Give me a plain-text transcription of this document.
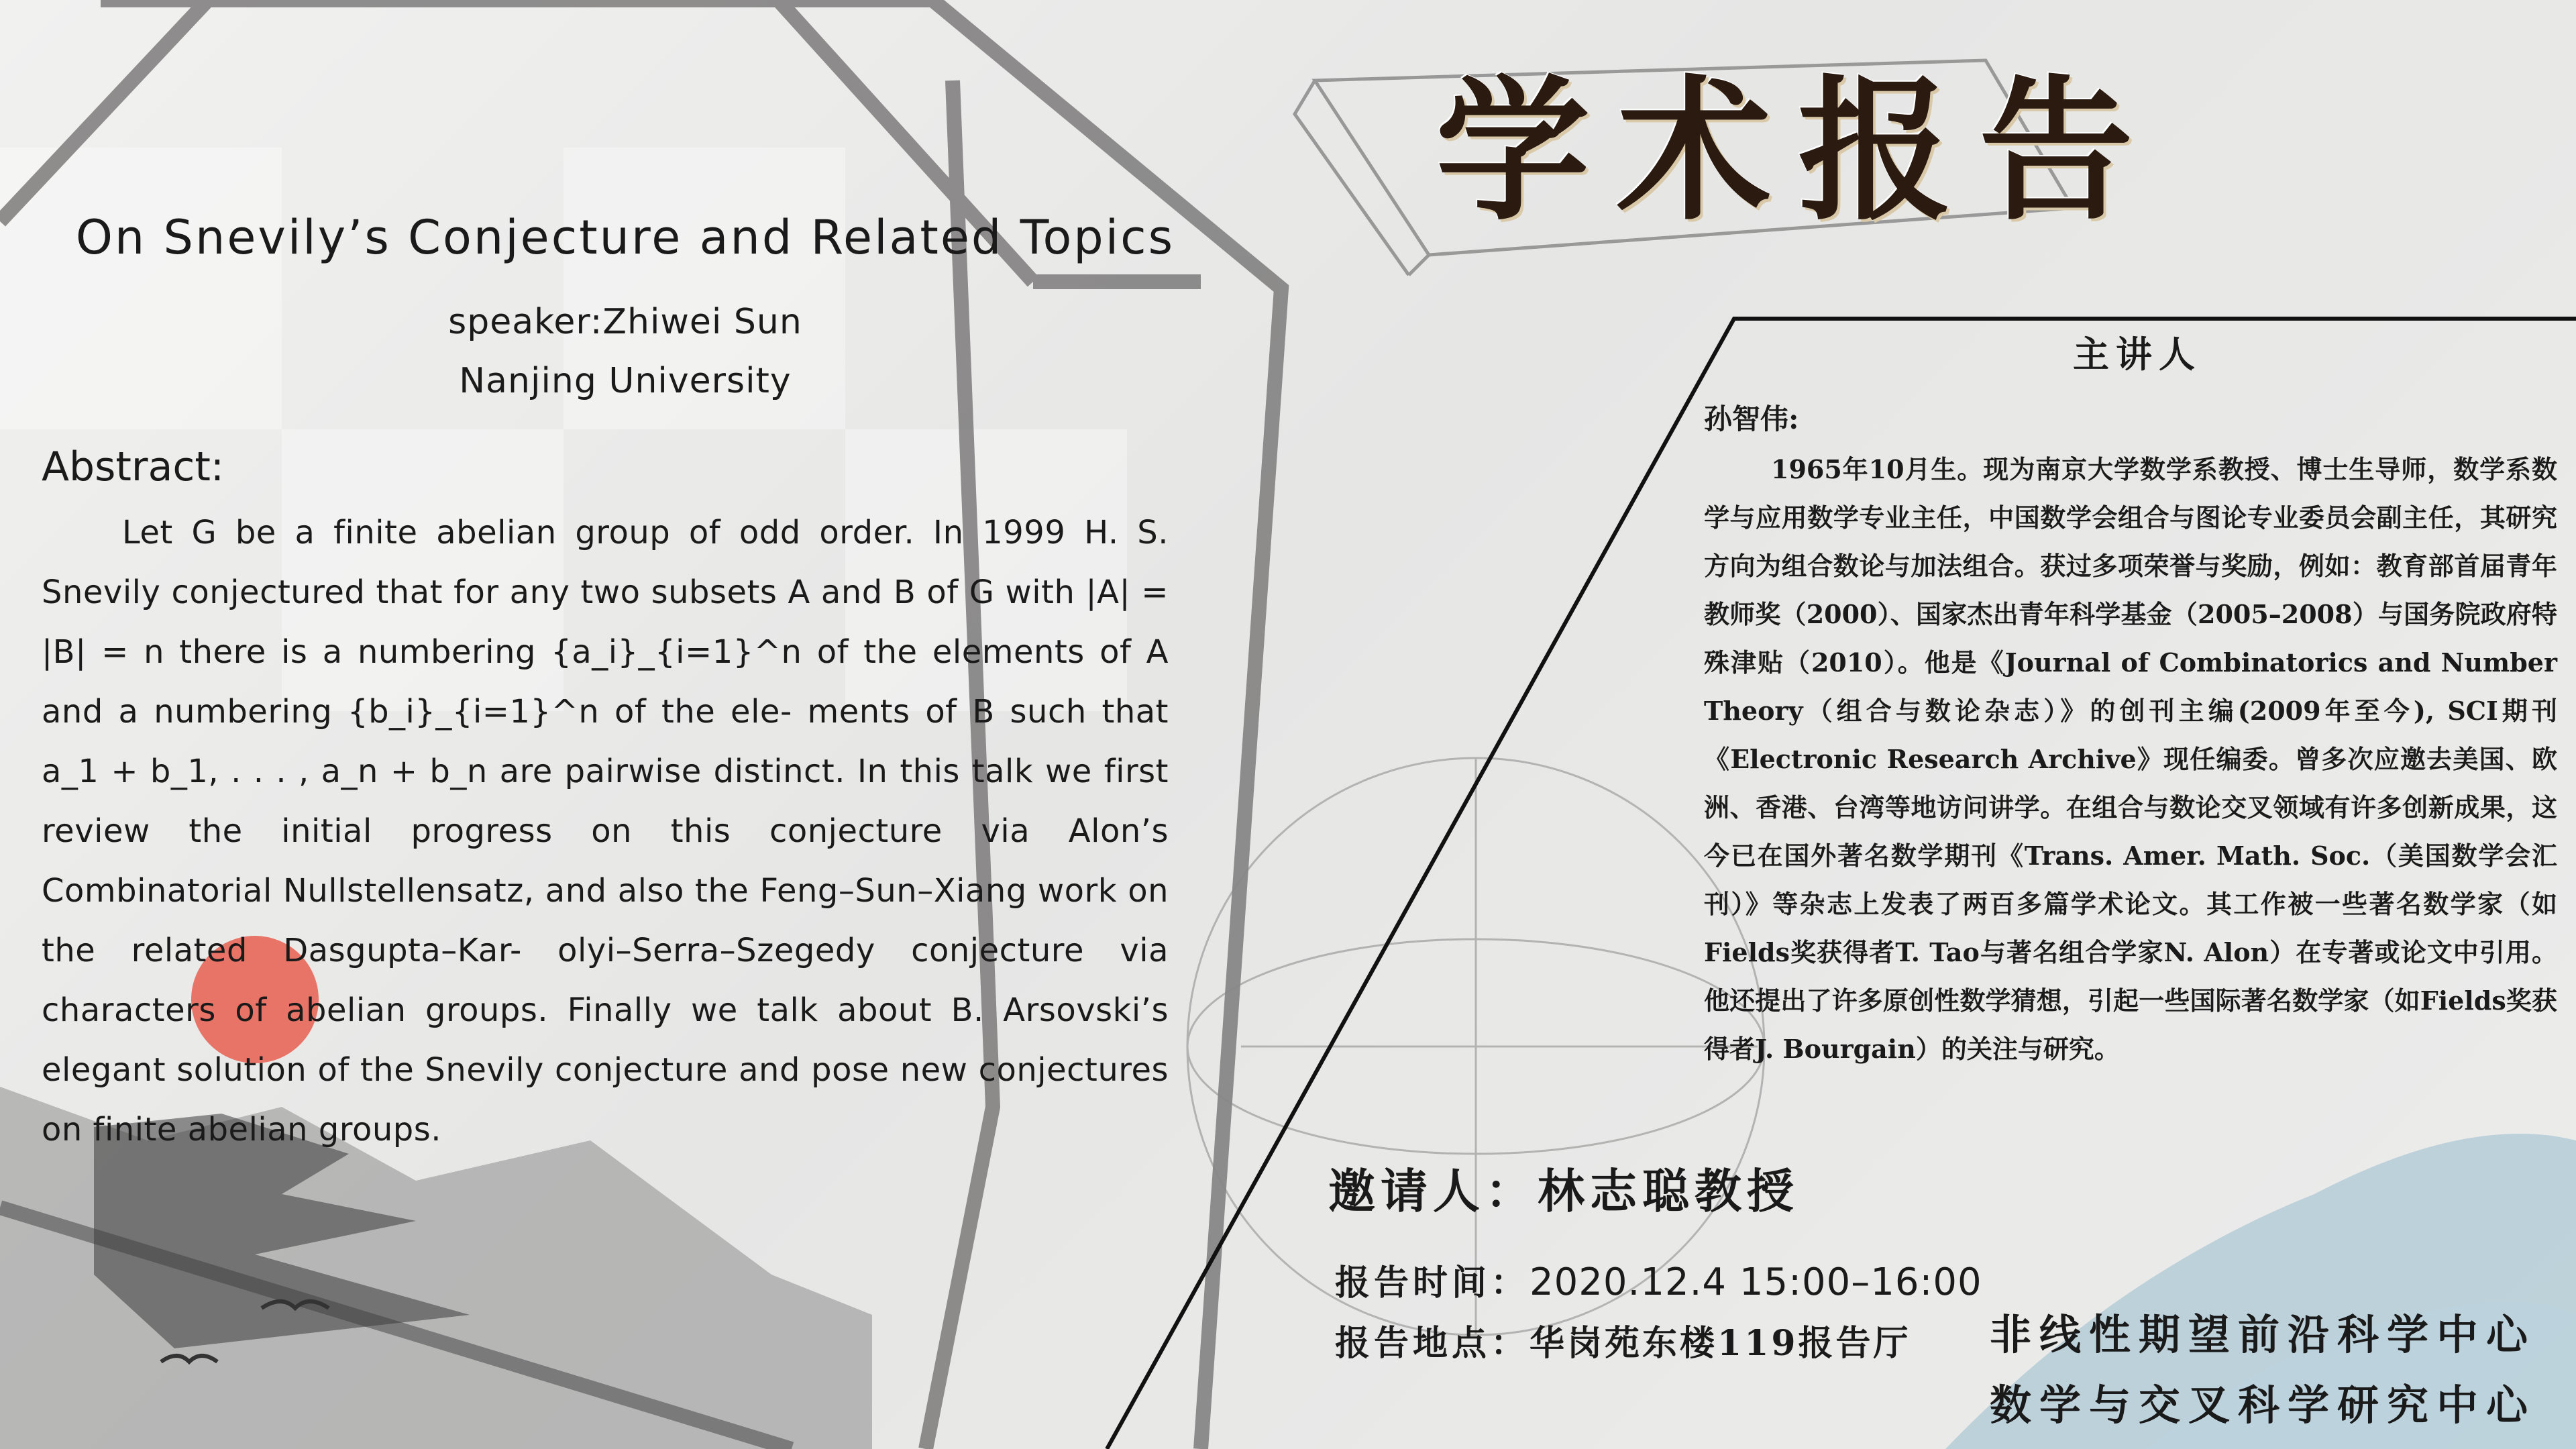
学术报告
On Snevily’s Conjecture and Related Topics
speaker:Zhiwei Sun
Nanjing University
Abstract:
Let G be a finite abelian group of odd order. In 1999 H. S. Snevily conjectured that for any two subsets A and B of G with |A| = |B| = n there is a numbering {a_i}_{i=1}^n of the elements of A and a numbering {b_i}_{i=1}^n of the ele- ments of B such that a_1 + b_1, . . . , a_n + b_n are pairwise distinct. In this talk we first review the initial progress on this conjecture via Alon’s Combinatorial Nullstellensatz, and also the Feng–Sun–Xiang work on the related Dasgupta–Kar- olyi–Serra–Szegedy conjecture via characters of abelian groups. Finally we talk about B. Arsovski’s elegant solution of the Snevily conjecture and pose new conjectures on finite abelian groups.
主讲人
孙智伟:
1965年10月生。现为南京大学数学系教授、博士生导师，数学系数学与应用数学专业主任，中国数学会组合与图论专业委员会副主任，其研究方向为组合数论与加法组合。获过多项荣誉与奖励，例如：教育部首届青年教师奖（2000）、国家杰出青年科学基金（2005–2008）与国务院政府特殊津贴（2010）。他是《Journal of Combinatorics and Number Theory（组合与数论杂志）》的创刊主编(2009年至今), SCI期刊《Electronic Research Archive》现任编委。曾多次应邀去美国、欧洲、香港、台湾等地访问讲学。在组合与数论交叉领域有许多创新成果，这今已在国外著名数学期刊《Trans. Amer. Math. Soc.（美国数学会汇刊）》等杂志上发表了两百多篇学术论文。其工作被一些著名数学家（如Fields奖获得者T. Tao与著名组合学家N. Alon）在专著或论文中引用。他还提出了许多原创性数学猜想，引起一些国际著名数学家（如Fields奖获得者J. Bourgain）的关注与研究。
邀请人：林志聪教授
报告时间：2020.12.4 15:00–16:00
报告地点：华岗苑东楼119报告厅 非线性期望前沿科学中心
数学与交叉科学研究中心
